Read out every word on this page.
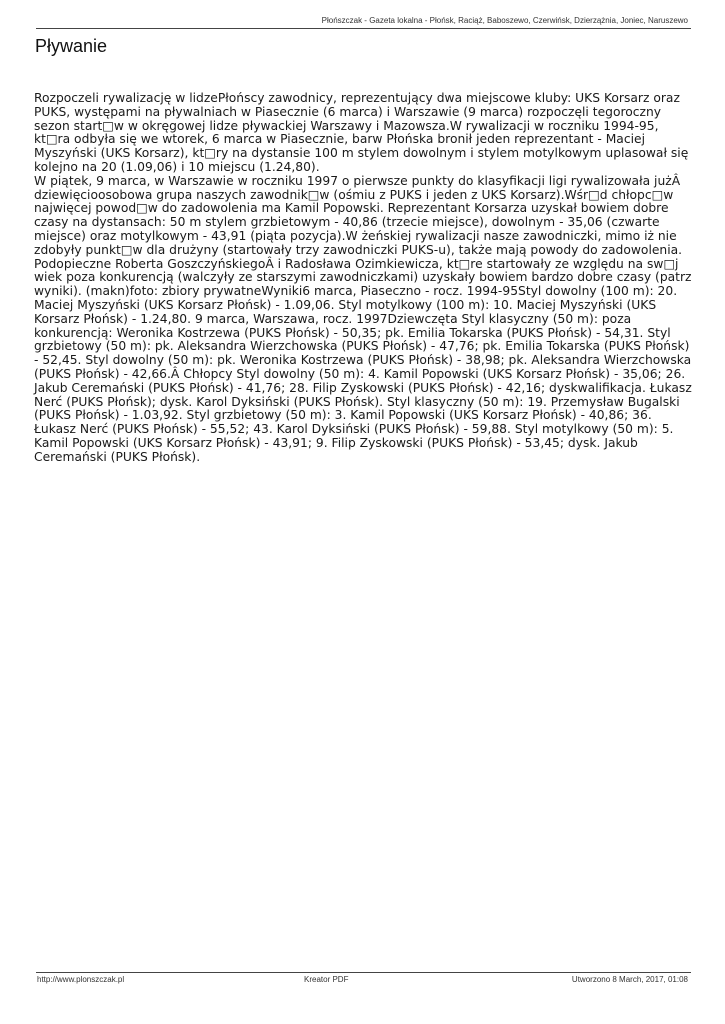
Płońszczak - Gazeta lokalna - Płońsk, Raciąż, Baboszewo, Czerwińsk, Dzierzążnia, Joniec, Naruszewo
Pływanie

Rozpoczeli rywalizację w lidzePłońscy zawodnicy, reprezentujący dwa miejscowe kluby: UKS Korsarz oraz PUKS, występami na pływalniach w Piasecznie (6 marca) i Warszawie (9 marca) rozpoczęli tegoroczny sezon start□w w okręgowej lidze pływackiej Warszawy i Mazowsza.W rywalizacji w roczniku 1994-95, kt□ra odbyła się we wtorek, 6 marca w Piasecznie, barw Płońska bronił jeden reprezentant - Maciej Myszyński (UKS Korsarz), kt□ry na dystansie 100 m stylem dowolnym i stylem motylkowym uplasował się kolejno na 20 (1.09,06) i 10 miejscu (1.24,80).

W piątek, 9 marca, w Warszawie w roczniku 1997 o pierwsze punkty do klasyfikacji ligi rywalizowała jużÂ dziewięcioosobowa grupa naszych zawodnik□w (ośmiu z PUKS i jeden z UKS Korsarz).Wśr□d chłopc□w najwięcej powod□w do zadowolenia ma Kamil Popowski. Reprezentant Korsarza uzyskał bowiem dobre czasy na dystansach: 50 m stylem grzbietowym - 40,86 (trzecie miejsce), dowolnym - 35,06 (czwarte miejsce) oraz motylkowym - 43,91 (piąta pozycja).W żeńskiej rywalizacji nasze zawodniczki, mimo iż nie zdobyły punkt□w dla drużyny (startowały trzy zawodniczki PUKS-u), także mają powody do zadowolenia. Podopieczne Roberta GoszczyńskiegoÂ i Radosława Ozimkiewicza, kt□re startowały ze względu na sw□j wiek poza konkurencją (walczyły ze starszymi zawodniczkami) uzyskały bowiem bardzo dobre czasy (patrz wyniki). (makn)foto: zbiory prywatneWyniki6 marca, Piaseczno - rocz. 1994-95Styl dowolny (100 m): 20. Maciej Myszyński (UKS Korsarz Płońsk) - 1.09,06. Styl motylkowy (100 m): 10. Maciej Myszyński (UKS Korsarz Płońsk) - 1.24,80. 9 marca, Warszawa, rocz. 1997Dziewczęta Styl klasyczny (50 m): poza konkurencją: Weronika Kostrzewa (PUKS Płońsk) - 50,35; pk. Emilia Tokarska (PUKS Płońsk) - 54,31. Styl grzbietowy (50 m): pk. Aleksandra Wierzchowska (PUKS Płońsk) - 47,76; pk. Emilia Tokarska (PUKS Płońsk) - 52,45. Styl dowolny (50 m): pk. Weronika Kostrzewa (PUKS Płońsk) - 38,98; pk. Aleksandra Wierzchowska (PUKS Płońsk) - 42,66.Â Chłopcy Styl dowolny (50 m): 4. Kamil Popowski (UKS Korsarz Płońsk) - 35,06; 26. Jakub Ceremański (PUKS Płońsk) - 41,76; 28. Filip Zyskowski (PUKS Płońsk) - 42,16; dyskwalifikacja. Łukasz Nerć (PUKS Płońsk); dysk. Karol Dyksiński (PUKS Płońsk). Styl klasyczny (50 m): 19. Przemysław Bugalski (PUKS Płońsk) - 1.03,92. Styl grzbietowy (50 m): 3. Kamil Popowski (UKS Korsarz Płońsk) - 40,86; 36. Łukasz Nerć (PUKS Płońsk) - 55,52; 43. Karol Dyksiński (PUKS Płońsk) - 59,88. Styl motylkowy (50 m): 5. Kamil Popowski (UKS Korsarz Płońsk) - 43,91; 9. Filip Zyskowski (PUKS Płońsk) - 53,45; dysk. Jakub Ceremański (PUKS Płońsk).

http://www.plonszczak.pl	Kreator PDF	Utworzono 8 March, 2017, 01:08
